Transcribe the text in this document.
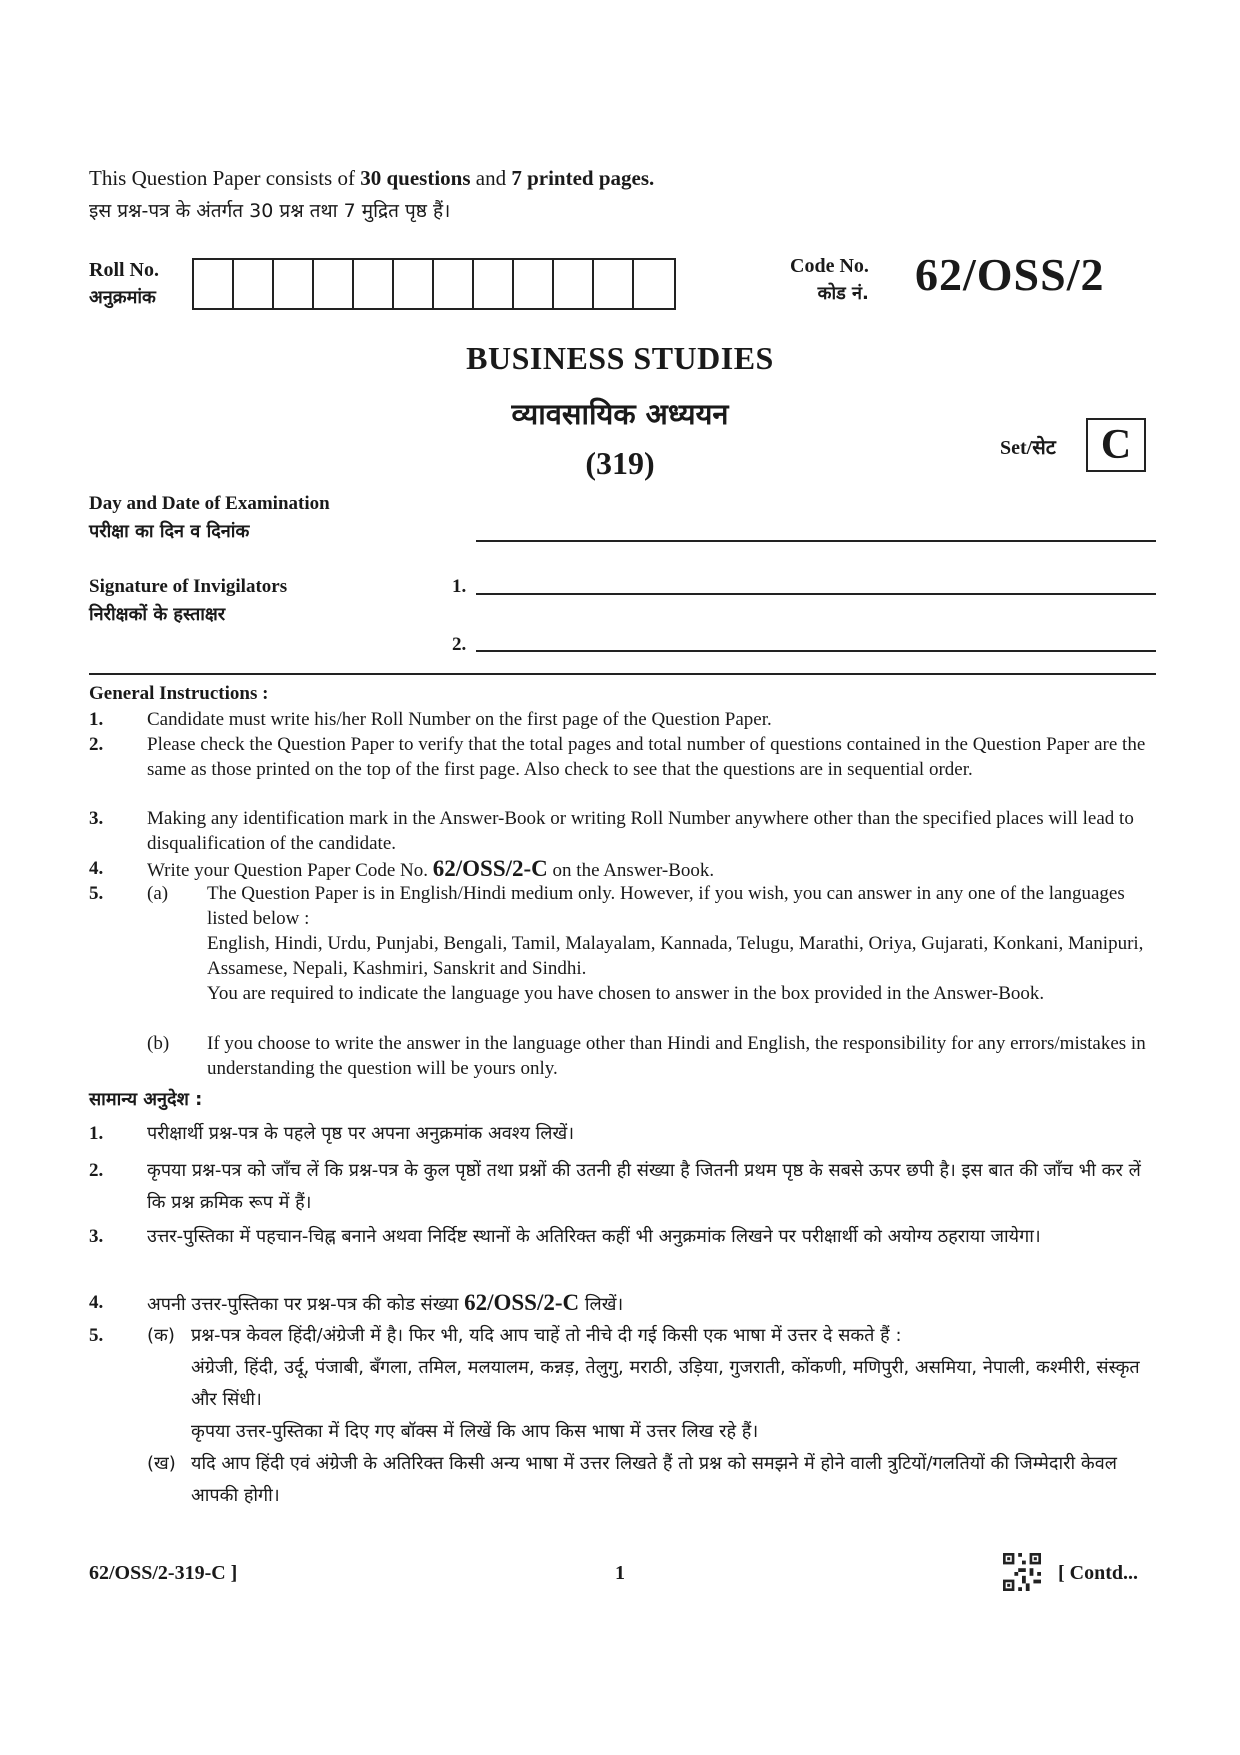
This Question Paper consists of 30 questions and 7 printed pages.
इस प्रश्न-पत्र के अंतर्गत 30 प्रश्न तथा 7 मुद्रित पृष्ठ हैं।
Roll No.
अनुक्रमांक
Code No.
कोड नं. 62/OSS/2
BUSINESS STUDIES
व्यावसायिक अध्ययन
(319)	Set/सेट	C
Day and Date of Examination
परीक्षा का दिन व दिनांक
Signature of Invigilators
निरीक्षकों के हस्ताक्षर
1.
2.
General Instructions :
1. Candidate must write his/her Roll Number on the first page of the Question Paper.
2. Please check the Question Paper to verify that the total pages and total number of questions contained in the Question Paper are the same as those printed on the top of the first page. Also check to see that the questions are in sequential order.
3. Making any identification mark in the Answer-Book or writing Roll Number anywhere other than the specified places will lead to disqualification of the candidate.
4. Write your Question Paper Code No. 62/OSS/2-C on the Answer-Book.
5. (a) The Question Paper is in English/Hindi medium only. However, if you wish, you can answer in any one of the languages listed below :
English, Hindi, Urdu, Punjabi, Bengali, Tamil, Malayalam, Kannada, Telugu, Marathi, Oriya, Gujarati, Konkani, Manipuri, Assamese, Nepali, Kashmiri, Sanskrit and Sindhi.
You are required to indicate the language you have chosen to answer in the box provided in the Answer-Book.
(b) If you choose to write the answer in the language other than Hindi and English, the responsibility for any errors/mistakes in understanding the question will be yours only.
सामान्य अनुदेश :
1. परीक्षार्थी प्रश्न-पत्र के पहले पृष्ठ पर अपना अनुक्रमांक अवश्य लिखें।
2. कृपया प्रश्न-पत्र को जाँच लें कि प्रश्न-पत्र के कुल पृष्ठों तथा प्रश्नों की उतनी ही संख्या है जितनी प्रथम पृष्ठ के सबसे ऊपर छपी है। इस बात की जाँच भी कर लें कि प्रश्न क्रमिक रूप में हैं।
3. उत्तर-पुस्तिका में पहचान-चिह्न बनाने अथवा निर्दिष्ट स्थानों के अतिरिक्त कहीं भी अनुक्रमांक लिखने पर परीक्षार्थी को अयोग्य ठहराया जायेगा।
4. अपनी उत्तर-पुस्तिका पर प्रश्न-पत्र की कोड संख्या 62/OSS/2-C लिखें।
5. (क) प्रश्न-पत्र केवल हिंदी/अंग्रेजी में है। फिर भी, यदि आप चाहें तो नीचे दी गई किसी एक भाषा में उत्तर दे सकते हैं :
अंग्रेजी, हिंदी, उर्दू, पंजाबी, बँगला, तमिल, मलयालम, कन्नड़, तेलुगु, मराठी, उड़िया, गुजराती, कोंकणी, मणिपुरी, असमिया, नेपाली, कश्मीरी, संस्कृत और सिंधी।
कृपया उत्तर-पुस्तिका में दिए गए बॉक्स में लिखें कि आप किस भाषा में उत्तर लिख रहे हैं।
(ख) यदि आप हिंदी एवं अंग्रेजी के अतिरिक्त किसी अन्य भाषा में उत्तर लिखते हैं तो प्रश्न को समझने में होने वाली त्रुटियों/गलतियों की जिम्मेदारी केवल आपकी होगी।
62/OSS/2-319-C ]	1	[ Contd...
